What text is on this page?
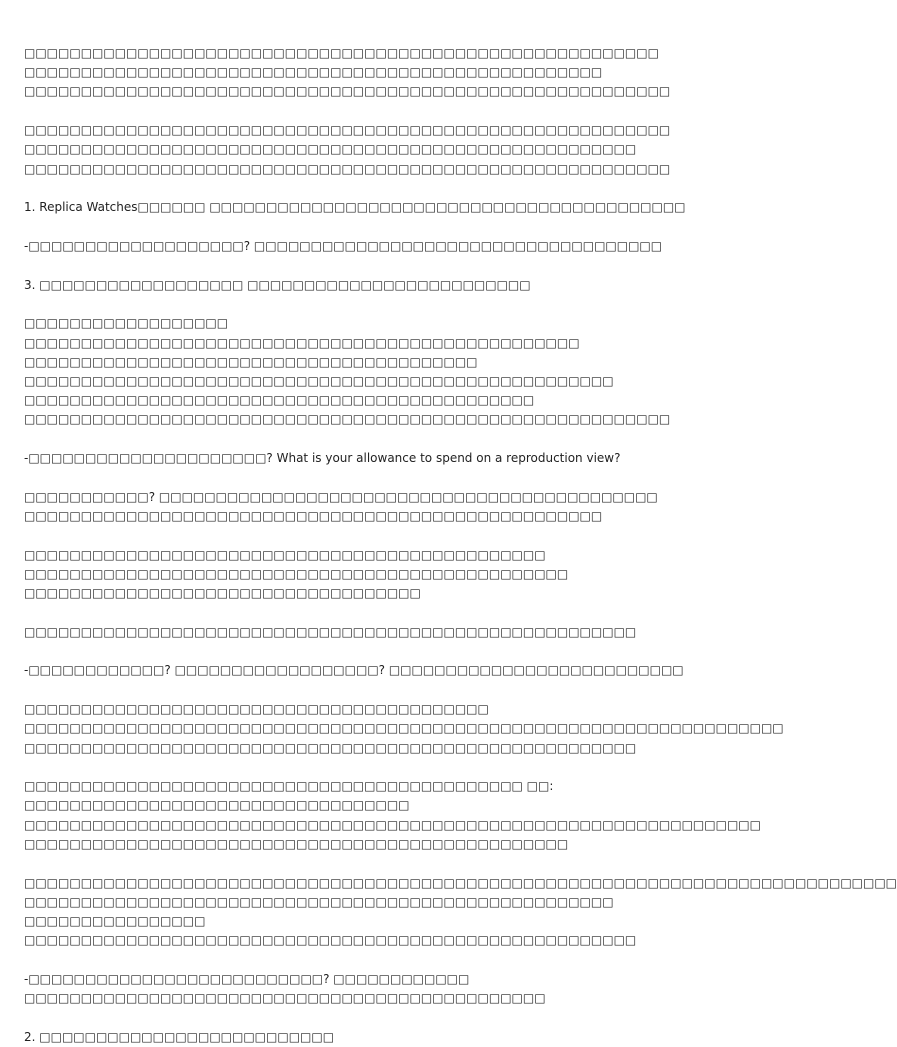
□□□□□□□□□□□□□□□□□□□□□□□□□□□□□□□□□□□□□□□□□□□□□□□□□□□□□□□□
□□□□□□□□□□□□□□□□□□□□□□□□□□□□□□□□□□□□□□□□□□□□□□□□□□□
□□□□□□□□□□□□□□□□□□□□□□□□□□□□□□□□□□□□□□□□□□□□□□□□□□□□□□□□□

□□□□□□□□□□□□□□□□□□□□□□□□□□□□□□□□□□□□□□□□□□□□□□□□□□□□□□□□□
□□□□□□□□□□□□□□□□□□□□□□□□□□□□□□□□□□□□□□□□□□□□□□□□□□□□□□
□□□□□□□□□□□□□□□□□□□□□□□□□□□□□□□□□□□□□□□□□□□□□□□□□□□□□□□□□

1. Replica Watches□□□□□□ □□□□□□□□□□□□□□□□□□□□□□□□□□□□□□□□□□□□□□□□□□

-□□□□□□□□□□□□□□□□□□□? □□□□□□□□□□□□□□□□□□□□□□□□□□□□□□□□□□□□

3. □□□□□□□□□□□□□□□□□□ □□□□□□□□□□□□□□□□□□□□□□□□□

□□□□□□□□□□□□□□□□□□ □□□□□□□□□□□□□□□□□□□□□□□□□□□□□□□□□□□□□□□□□□□□□□□□□
□□□□□□□□□□□□□□□□□□□□□□□□□□□□□□□□□□□□□□□□
□□□□□□□□□□□□□□□□□□□□□□□□□□□□□□□□□□□□□□□□□□□□□□□□□□□□
□□□□□□□□□□□□□□□□□□□□□□□□□□□□□□□□□□□□□□□□□□□□□
□□□□□□□□□□□□□□□□□□□□□□□□□□□□□□□□□□□□□□□□□□□□□□□□□□□□□□□□□

-□□□□□□□□□□□□□□□□□□□□□? What is your allowance to spend on a reproduction view?

□□□□□□□□□□□? □□□□□□□□□□□□□□□□□□□□□□□□□□□□□□□□□□□□□□□□□□□□
□□□□□□□□□□□□□□□□□□□□□□□□□□□□□□□□□□□□□□□□□□□□□□□□□□□

□□□□□□□□□□□□□□□□□□□□□□□□□□□□□□□□□□□□□□□□□□□□□□
□□□□□□□□□□□□□□□□□□□□□□□□□□□□□□□□□□□□□□□□□□□□□□□□
□□□□□□□□□□□□□□□□□□□□□□□□□□□□□□□□□□□

□□□□□□□□□□□□□□□□□□□□□□□□□□□□□□□□□□□□□□□□□□□□□□□□□□□□□□

-□□□□□□□□□□□□? □□□□□□□□□□□□□□□□□□? □□□□□□□□□□□□□□□□□□□□□□□□□□

□□□□□□□□□□□□□□□□□□□□□□□□□□□□□□□□□□□□□□□□□
□□□□□□□□□□□□□□□□□□□□□□□□□□□□□□□□□□□□□□□□□□□□□□□□□□□□□□□□□□□□□□□□□□□
□□□□□□□□□□□□□□□□□□□□□□□□□□□□□□□□□□□□□□□□□□□□□□□□□□□□□□

□□□□□□□□□□□□□□□□□□□□□□□□□□□□□□□□□□□□□□□□□□□□ □□: □□□□□□□□□□□□□□□□□□□□□□□□□□□□□□□□□□
□□□□□□□□□□□□□□□□□□□□□□□□□□□□□□□□□□□□□□□□□□□□□□□□□□□□□□□□□□□□□□□□□
□□□□□□□□□□□□□□□□□□□□□□□□□□□□□□□□□□□□□□□□□□□□□□□□

□□□□□□□□□□□□□□□□□□□□□□□□□□□□□□□□□□□□□□□□□□□□□□□□□□□□□□□□□□□□□□□□□□□□□□□□□□□□□
□□□□□□□□□□□□□□□□□□□□□□□□□□□□□□□□□□□□□□□□□□□□□□□□□□□□ □□□□□□□□□□□□□□□□
□□□□□□□□□□□□□□□□□□□□□□□□□□□□□□□□□□□□□□□□□□□□□□□□□□□□□□

-□□□□□□□□□□□□□□□□□□□□□□□□□□? □□□□□□□□□□□□
□□□□□□□□□□□□□□□□□□□□□□□□□□□□□□□□□□□□□□□□□□□□□□

2. □□□□□□□□□□□□□□□□□□□□□□□□□□
